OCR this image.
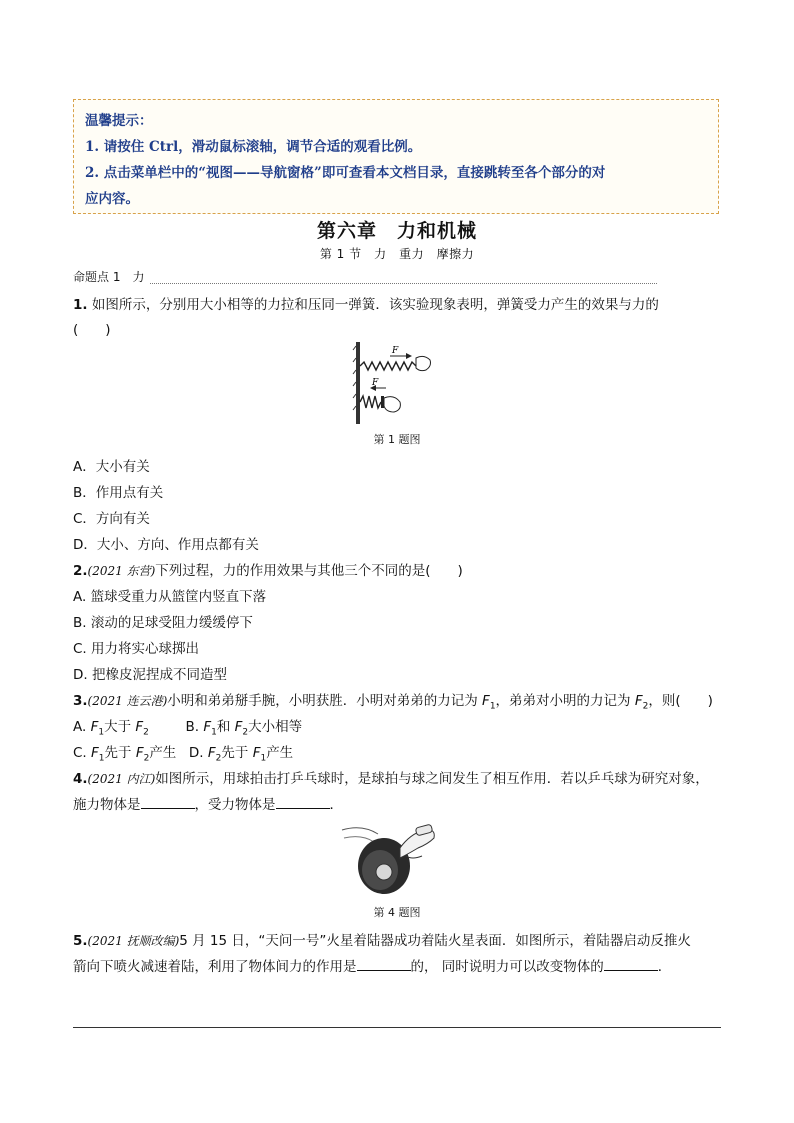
温馨提示：
1. 请按住 Ctrl，滑动鼠标滚轴，调节合适的观看比例。
2. 点击菜单栏中的“视图——导航窗格”即可查看本文档目录，直接跳转至各个部分的对
应内容。
第六章　力和机械
第 1 节　力　重力　摩擦力
命题点 1　力
1. 如图所示，分别用大小相等的力拉和压同一弹簧．该实验现象表明，弹簧受力产生的效果与力的
(　　)
F
F
第 1 题图
A．大小有关
B．作用点有关
C．方向有关
D．大小、方向、作用点都有关
2.(2021 东营)下列过程，力的作用效果与其他三个不同的是(　　)
A. 篮球受重力从篮筐内竖直下落
B. 滚动的足球受阻力缓缓停下
C. 用力将实心球掷出
D. 把橡皮泥捏成不同造型
3.(2021 连云港)小明和弟弟掰手腕，小明获胜．小明对弟弟的力记为 $F_1$，弟弟对小明的力记为 $F_2$，则(　　)
A. $F_1$大于 $F_2$	B. $F_1$和 $F_2$大小相等
C. $F_1$先于 $F_2$产生 D. $F_2$先于 $F_1$产生
4.(2021 内江)如图所示，用球拍击打乒乓球时，是球拍与球之间发生了相互作用．若以乒乓球为研究对象，
施力物体是	，受力物体是	．
第 4 题图
5.(2021 抚顺改编)5 月 15 日，“天问一号”火星着陆器成功着陆火星表面．如图所示，着陆器启动反推火
箭向下喷火减速着陆，利用了物体间力的作用是	的， 同时说明力可以改变物体的	．
